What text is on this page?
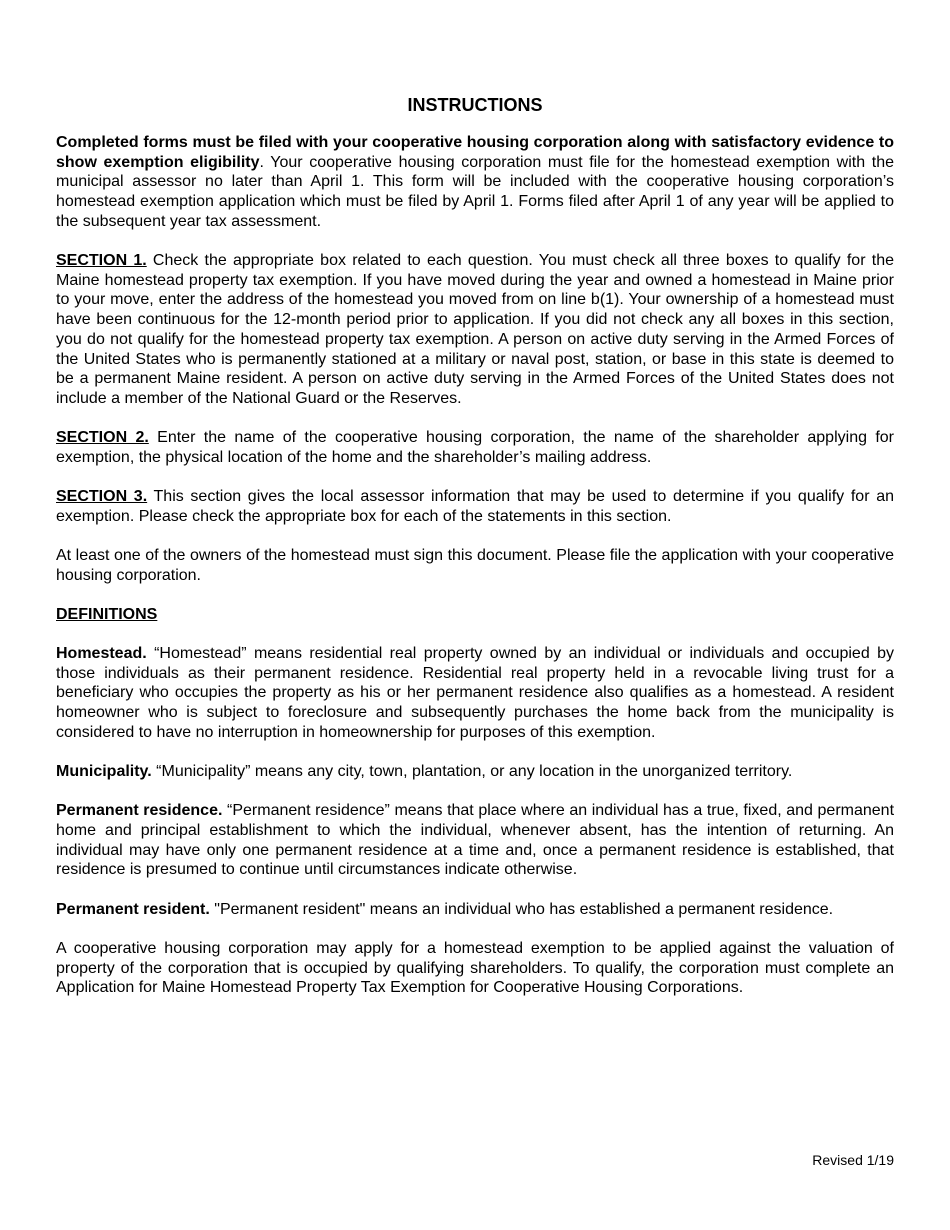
INSTRUCTIONS

Completed forms must be filed with your cooperative housing corporation along with satisfactory evidence to show exemption eligibility. Your cooperative housing corporation must file for the homestead exemption with the municipal assessor no later than April 1. This form will be included with the cooperative housing corporation’s homestead exemption application which must be filed by April 1. Forms filed after April 1 of any year will be applied to the subsequent year tax assessment.

SECTION 1. Check the appropriate box related to each question. You must check all three boxes to qualify for the Maine homestead property tax exemption. If you have moved during the year and owned a homestead in Maine prior to your move, enter the address of the homestead you moved from on line b(1). Your ownership of a homestead must have been continuous for the 12-month period prior to application. If you did not check any all boxes in this section, you do not qualify for the homestead property tax exemption. A person on active duty serving in the Armed Forces of the United States who is permanently stationed at a military or naval post, station, or base in this state is deemed to be a permanent Maine resident. A person on active duty serving in the Armed Forces of the United States does not include a member of the National Guard or the Reserves.

SECTION 2. Enter the name of the cooperative housing corporation, the name of the shareholder applying for exemption, the physical location of the home and the shareholder’s mailing address.

SECTION 3. This section gives the local assessor information that may be used to determine if you qualify for an exemption. Please check the appropriate box for each of the statements in this section.

At least one of the owners of the homestead must sign this document. Please file the application with your cooperative housing corporation.

DEFINITIONS

Homestead. “Homestead” means residential real property owned by an individual or individuals and occupied by those individuals as their permanent residence. Residential real property held in a revocable living trust for a beneficiary who occupies the property as his or her permanent residence also qualifies as a homestead. A resident homeowner who is subject to foreclosure and subsequently purchases the home back from the municipality is considered to have no interruption in homeownership for purposes of this exemption.

Municipality. “Municipality” means any city, town, plantation, or any location in the unorganized territory.

Permanent residence. “Permanent residence” means that place where an individual has a true, fixed, and permanent home and principal establishment to which the individual, whenever absent, has the intention of returning. An individual may have only one permanent residence at a time and, once a permanent residence is established, that residence is presumed to continue until circumstances indicate otherwise.

Permanent resident. "Permanent resident" means an individual who has established a permanent residence.

A cooperative housing corporation may apply for a homestead exemption to be applied against the valuation of property of the corporation that is occupied by qualifying shareholders. To qualify, the corporation must complete an Application for Maine Homestead Property Tax Exemption for Cooperative Housing Corporations.

Revised 1/19
